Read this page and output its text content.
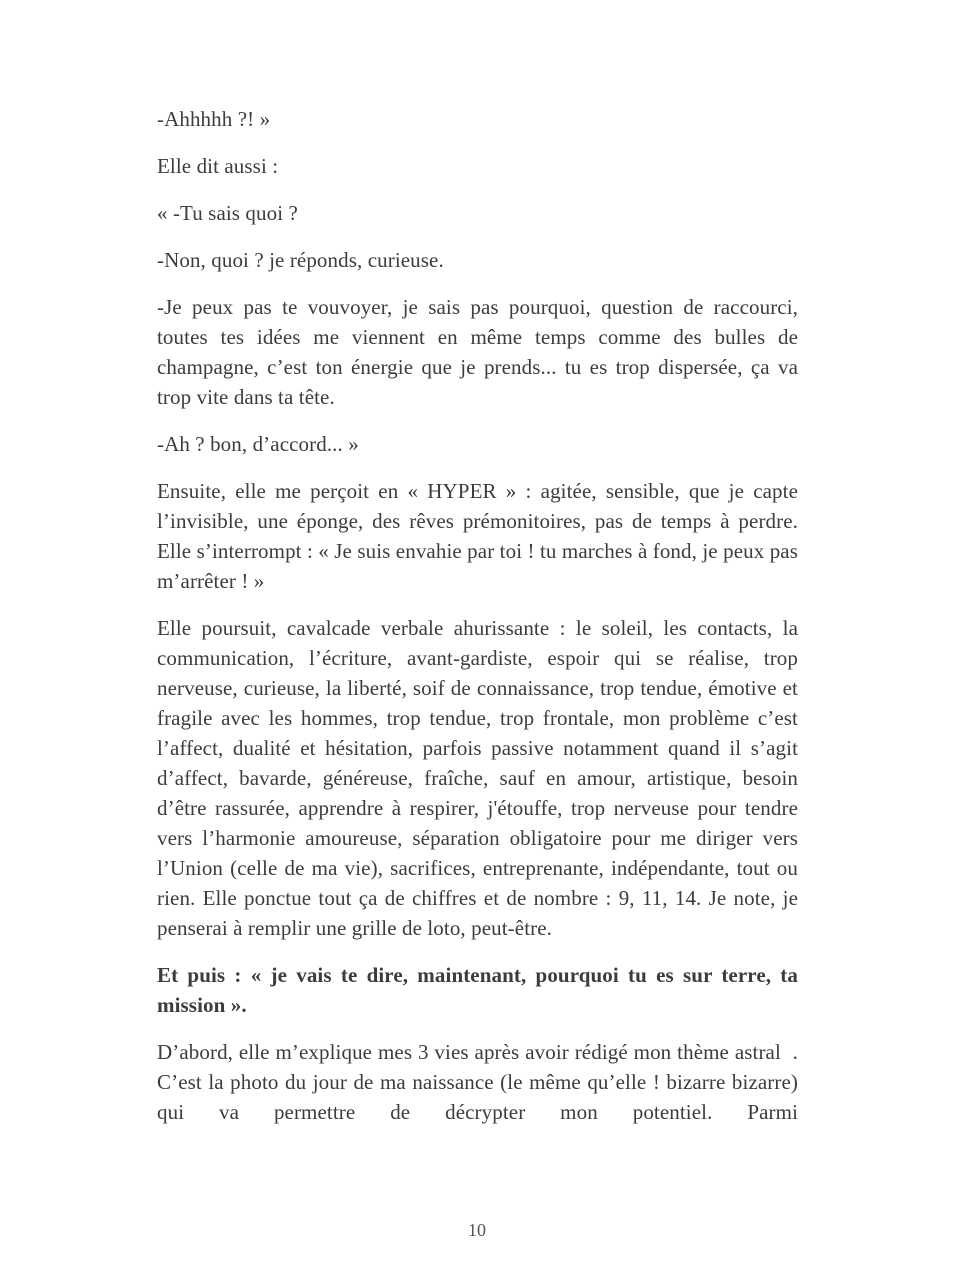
-Ahhhhh ?! »

Elle dit aussi :

« -Tu sais quoi ?

-Non, quoi ? je réponds, curieuse.

-Je peux pas te vouvoyer, je sais pas pourquoi, question de raccourci, toutes tes idées me viennent en même temps comme des bulles de champagne, c’est ton énergie que je prends... tu es trop dispersée, ça va trop vite dans ta tête.

-Ah ? bon, d’accord... »

Ensuite, elle me perçoit en « HYPER » : agitée, sensible, que je capte l’invisible, une éponge, des rêves prémonitoires, pas de temps à perdre. Elle s’interrompt : « Je suis envahie par toi ! tu marches à fond, je peux pas m’arrêter ! »

Elle poursuit, cavalcade verbale ahurissante : le soleil, les contacts, la communication, l’écriture, avant-gardiste, espoir qui se réalise, trop nerveuse, curieuse, la liberté, soif de connaissance, trop tendue, émotive et fragile avec les hommes, trop tendue, trop frontale, mon problème c’est l’affect, dualité et hésitation, parfois passive notamment quand il s’agit d’affect, bavarde, généreuse, fraîche, sauf en amour, artistique, besoin d’être rassurée, apprendre à respirer, j'étouffe, trop nerveuse pour tendre vers l’harmonie amoureuse, séparation obligatoire pour me diriger vers l’Union (celle de ma vie), sacrifices, entreprenante, indépendante, tout ou rien. Elle ponctue tout ça de chiffres et de nombre : 9, 11, 14. Je note, je penserai à remplir une grille de loto, peut-être.

Et puis : « je vais te dire, maintenant, pourquoi tu es sur terre, ta mission ».

D’abord, elle m’explique mes 3 vies après avoir rédigé mon thème astral  . C’est la photo du jour de ma naissance (le même qu’elle ! bizarre bizarre) qui va permettre de décrypter mon potentiel. Parmi

10
